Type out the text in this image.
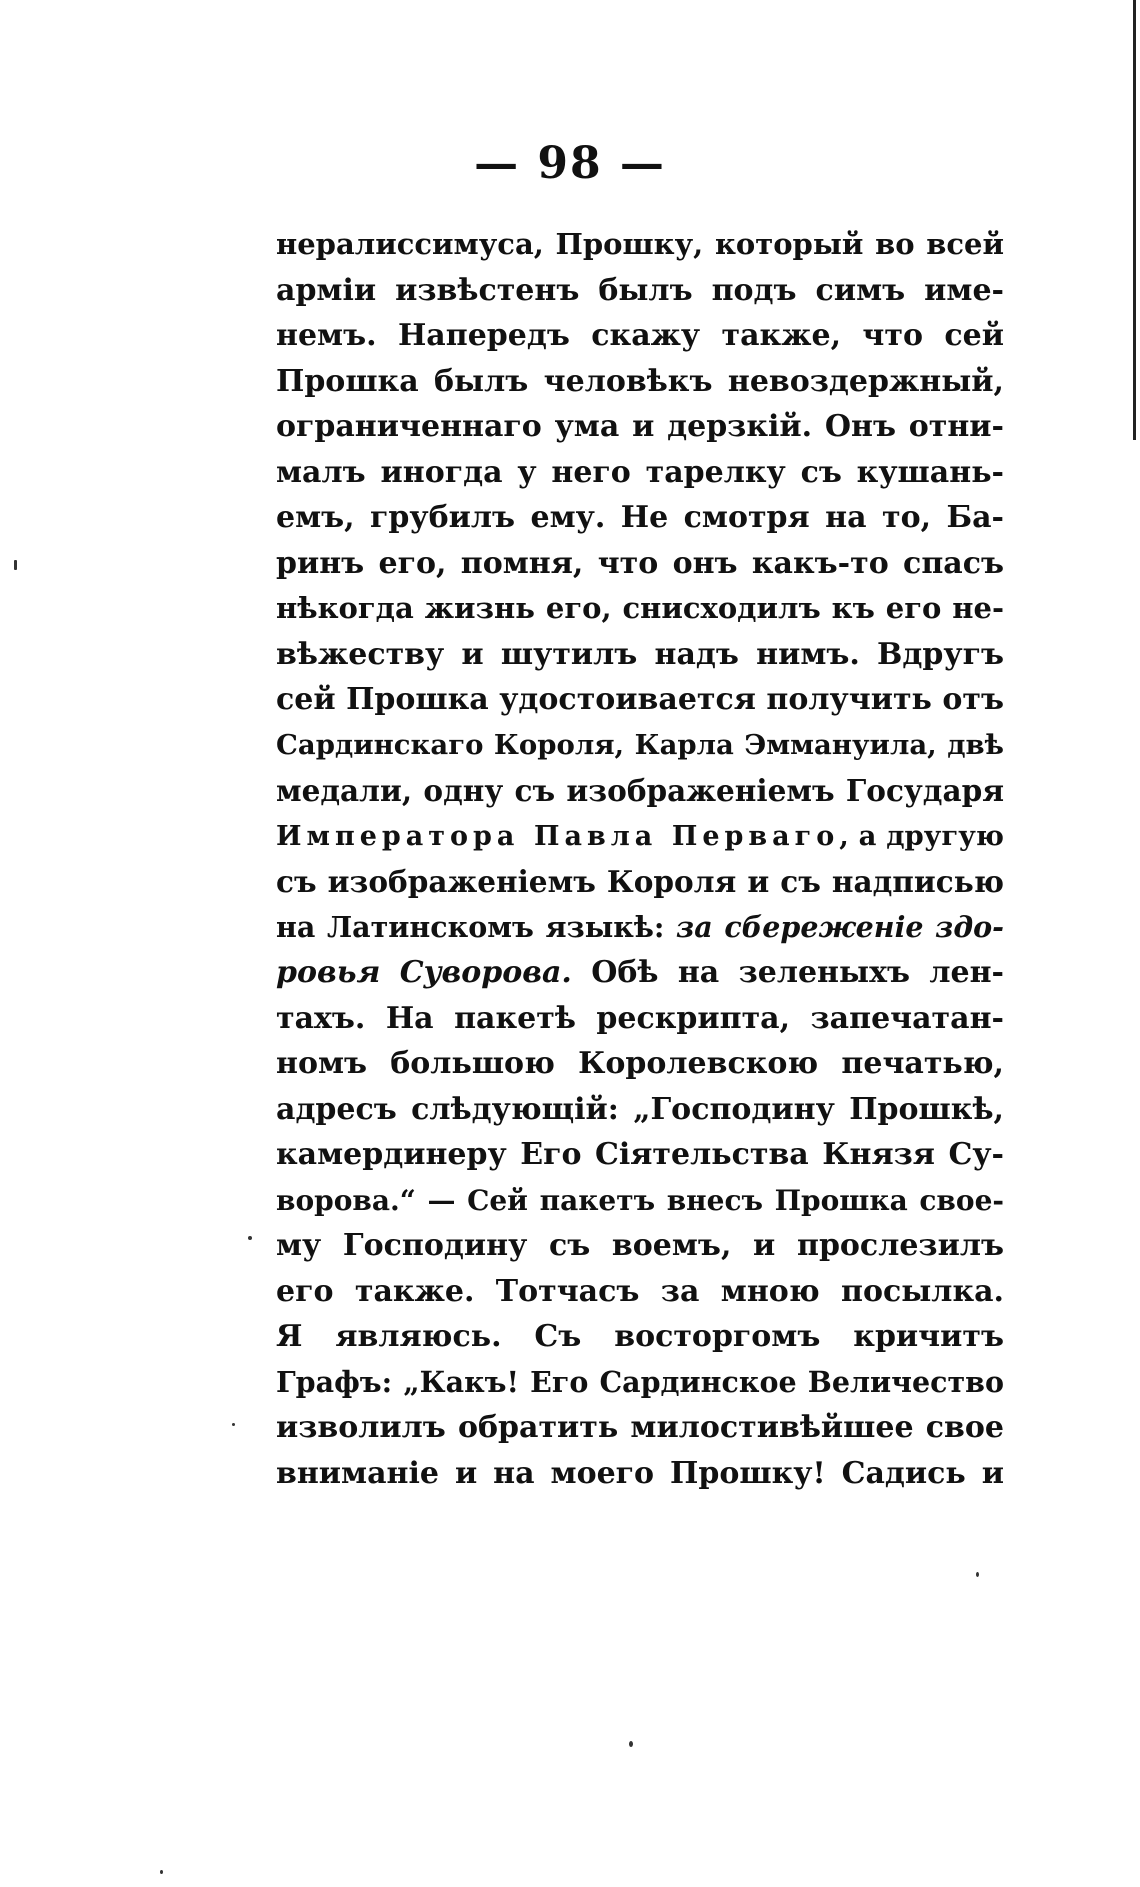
— 98 —
нералиссимуса, Прошку, который во всей
арміи извѣстенъ былъ подъ симъ име-
немъ. Напередъ скажу также, что сей
Прошка былъ человѣкъ невоздержный,
ограниченнаго ума и дерзкій. Онъ отни-
малъ иногда у него тарелку съ кушань-
емъ, грубилъ ему. Не смотря на то, Ба-
ринъ его, помня, что онъ какъ-то спасъ
нѣкогда жизнь его, снисходилъ къ его не-
вѣжеству и шутилъ надъ нимъ. Вдругъ
сей Прошка удостоивается получить отъ
Сардинскаго Короля, Карла Эммануила, двѣ
медали, одну съ изображеніемъ Государя
Императора Павла Перваго, а другую
съ изображеніемъ Короля и съ надписью
на Латинскомъ языкѣ: за сбереженіе здо-
ровья Суворова. Обѣ на зеленыхъ лен-
тахъ. На пакетѣ рескрипта, запечатан-
номъ большою Королевскою печатью,
адресъ слѣдующій: „Господину Прошкѣ,
камердинеру Его Сіятельства Князя Су-
ворова.“ — Сей пакетъ внесъ Прошка свое-
му Господину съ воемъ, и прослезилъ
его также. Тотчасъ за мною посылка.
Я являюсь. Съ восторгомъ кричитъ
Графъ: „Какъ! Его Сардинское Величество
изволилъ обратить милостивѣйшее свое
вниманіе и на моего Прошку! Садись и
